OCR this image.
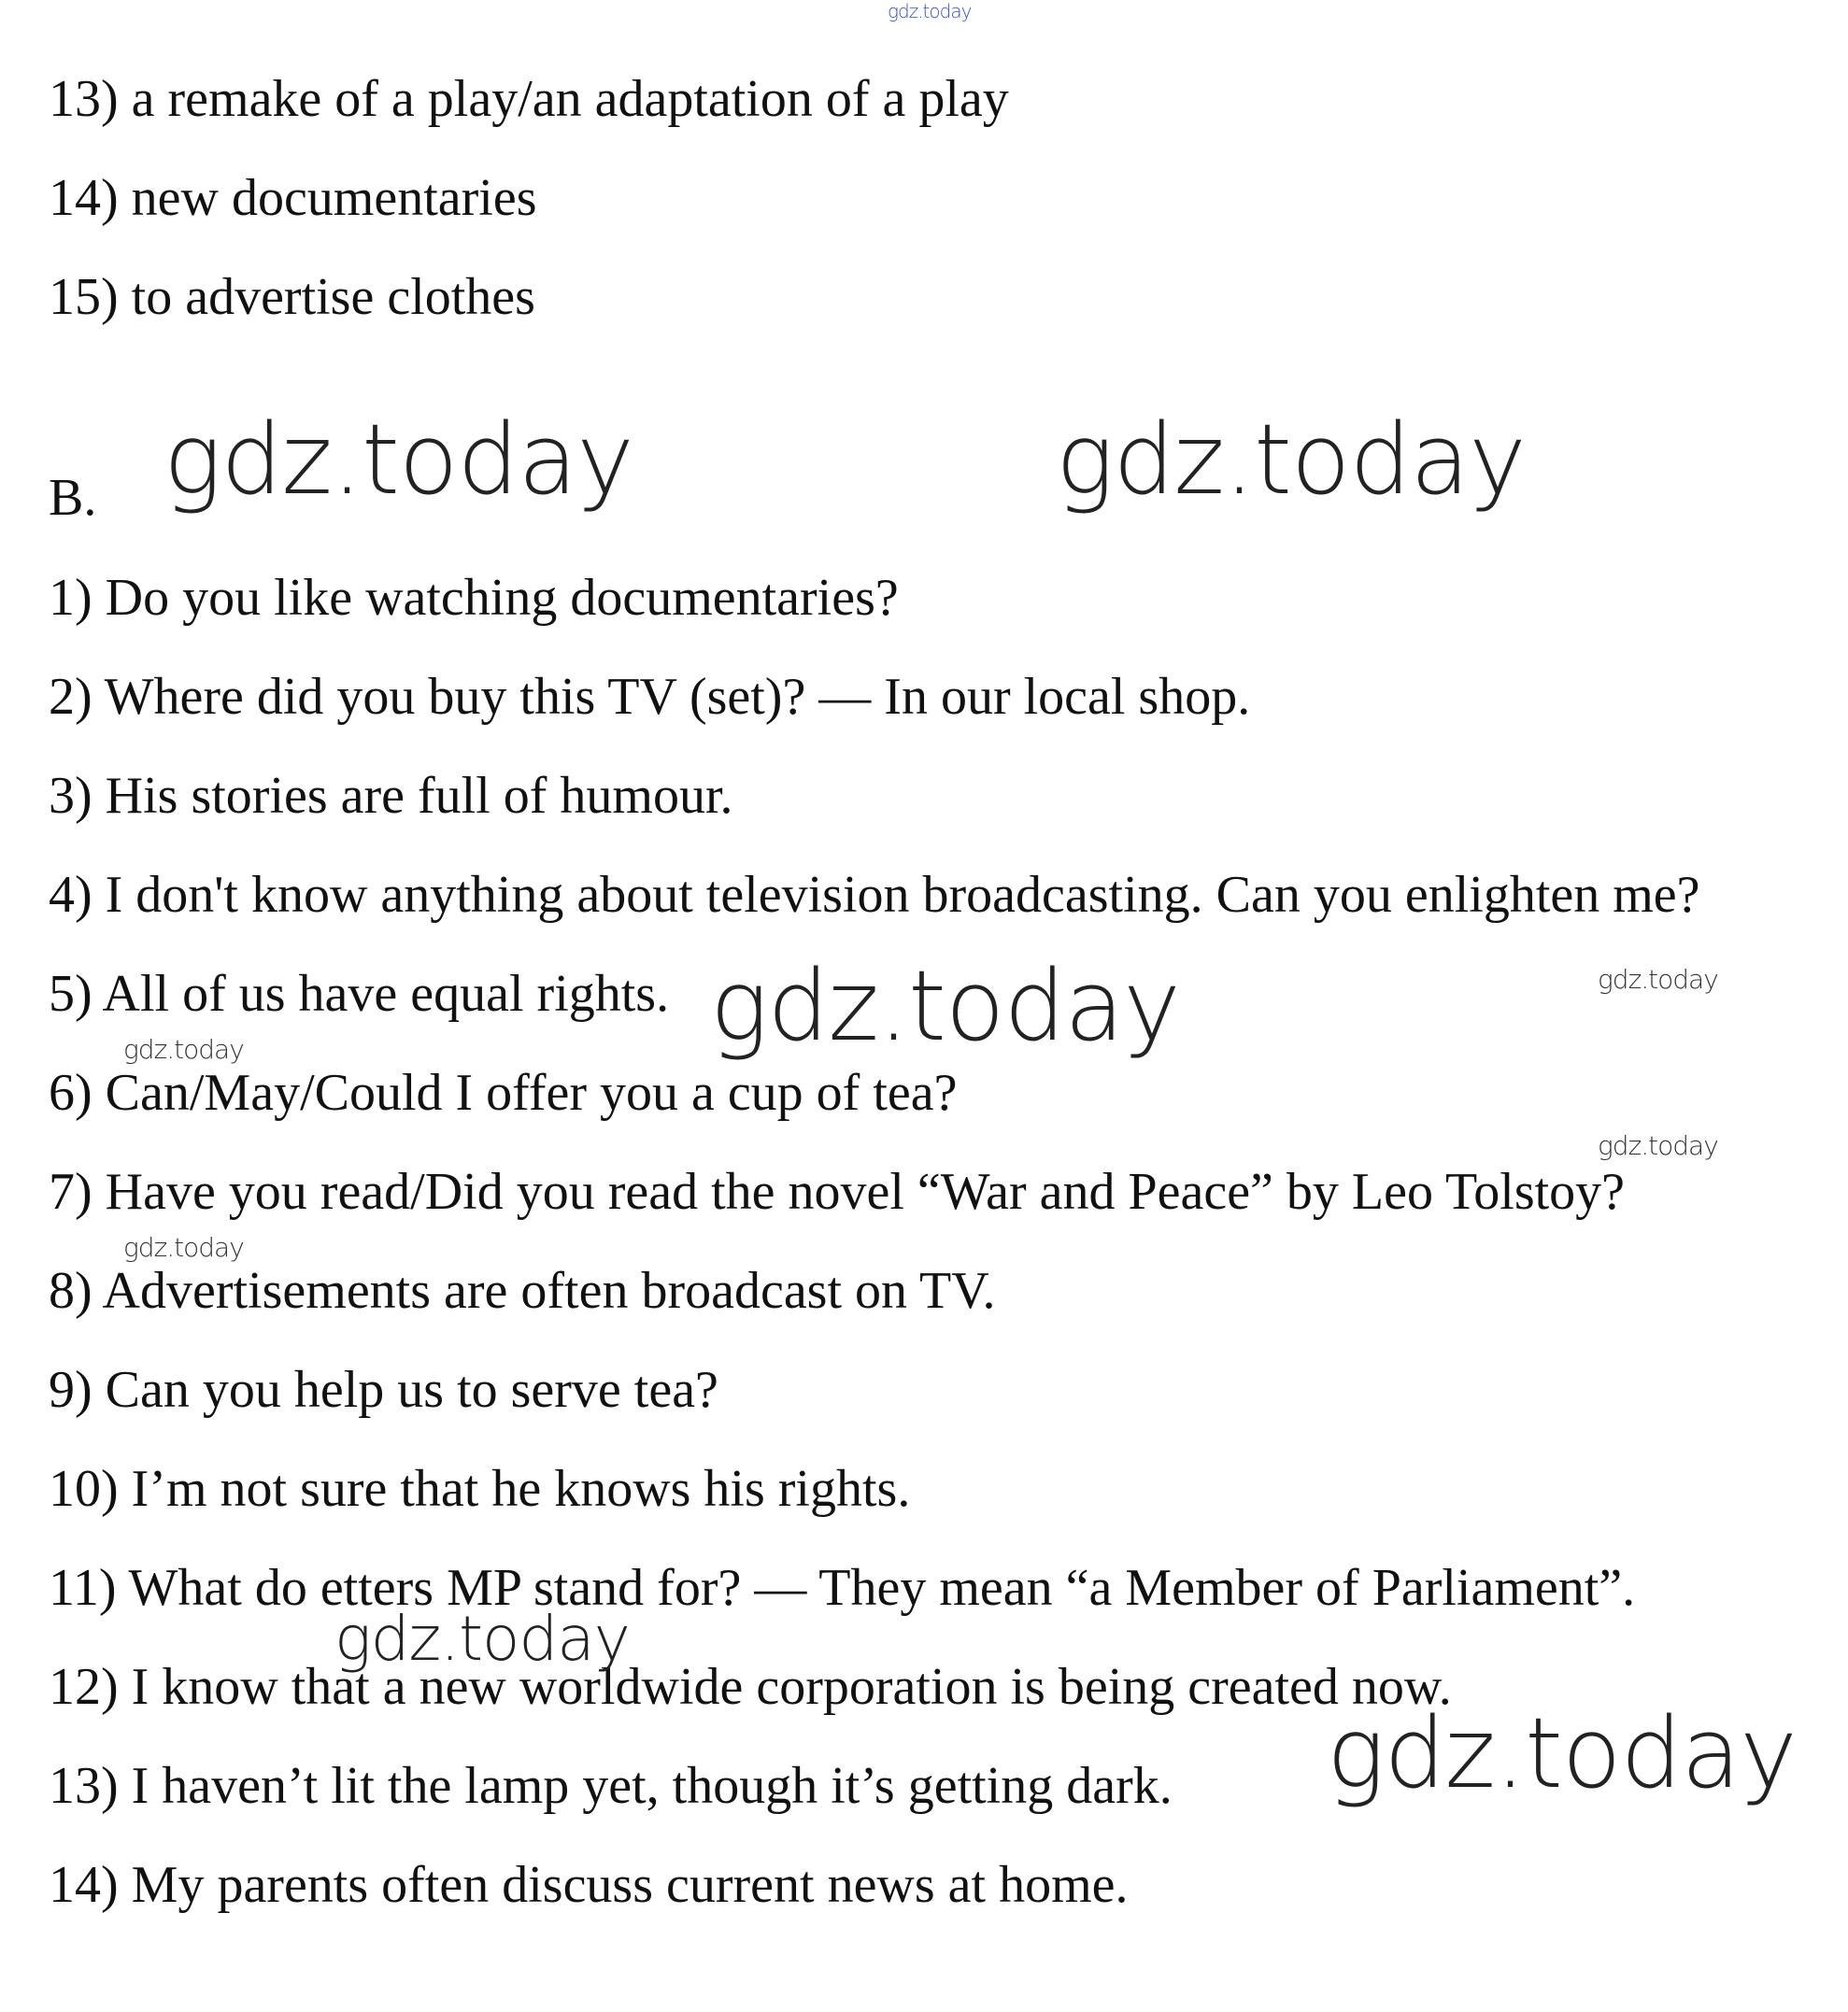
gdz.today
13) a remake of a play/an adaptation of a play
14) new documentaries
15) to advertise clothes
B. gdz.today	gdz.today
1) Do you like watching documentaries?
2) Where did you buy this TV (set)? — In our local shop.
3) His stories are full of humour.
4) I don't know anything about television broadcasting. Can you enlighten me?
5) All of us have equal rights.
6) Can/May/Could I offer you a cup of tea?
7) Have you read/Did you read the novel “War and Peace” by Leo Tolstoy?
8) Advertisements are often broadcast on TV.
9) Can you help us to serve tea?
10) I’m not sure that he knows his rights.
11) What do etters MP stand for? — They mean “a Member of Parliament”.
12) I know that a new worldwide corporation is being created now.
13) I haven’t lit the lamp yet, though it’s getting dark.
14) My parents often discuss current news at home.
gdz.today	gdz.today
gdz.today
gdz.today
gdz.today
gdz.today
gdz.today
